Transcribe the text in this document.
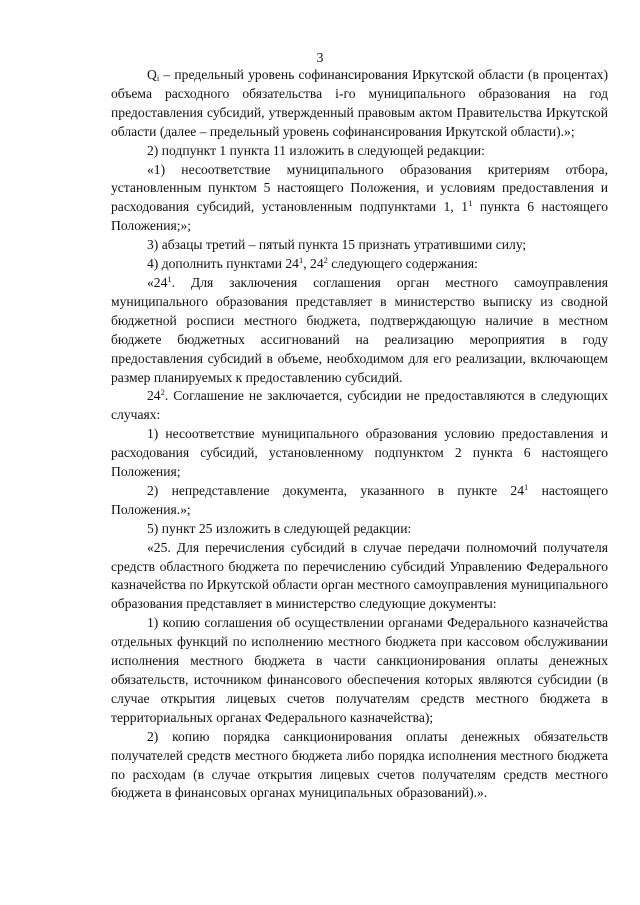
3

$Q_i$ – предельный уровень софинансирования Иркутской области (в процентах) объема расходного обязательства i-го муниципального образования на год предоставления субсидий, утвержденный правовым актом Правительства Иркутской области (далее – предельный уровень софинансирования Иркутской области).»;

2) подпункт 1 пункта 11 изложить в следующей редакции:

«1) несоответствие муниципального образования критериям отбора, установленным пунктом 5 настоящего Положения, и условиям предоставления и расходования субсидий, установленным подпунктами 1, $1^1$ пункта 6 настоящего Положения;»;

3) абзацы третий – пятый пункта 15 признать утратившими силу;

4) дополнить пунктами $24^1$, $24^2$ следующего содержания:

«$24^1$. Для заключения соглашения орган местного самоуправления муниципального образования представляет в министерство выписку из сводной бюджетной росписи местного бюджета, подтверждающую наличие в местном бюджете бюджетных ассигнований на реализацию мероприятия в году предоставления субсидий в объеме, необходимом для его реализации, включающем размер планируемых к предоставлению субсидий.

$24^2$. Соглашение не заключается, субсидии не предоставляются в следующих случаях:

1) несоответствие муниципального образования условию предоставления и расходования субсидий, установленному подпунктом 2 пункта 6 настоящего Положения;

2) непредставление документа, указанного в пункте $24^1$ настоящего Положения.»;

5) пункт 25 изложить в следующей редакции:

«25. Для перечисления субсидий в случае передачи полномочий получателя средств областного бюджета по перечислению субсидий Управлению Федерального казначейства по Иркутской области орган местного самоуправления муниципального образования представляет в министерство следующие документы:

1) копию соглашения об осуществлении органами Федерального казначейства отдельных функций по исполнению местного бюджета при кассовом обслуживании исполнения местного бюджета в части санкционирования оплаты денежных обязательств, источником финансового обеспечения которых являются субсидии (в случае открытия лицевых счетов получателям средств местного бюджета в территориальных органах Федерального казначейства);

2) копию порядка санкционирования оплаты денежных обязательств получателей средств местного бюджета либо порядка исполнения местного бюджета по расходам (в случае открытия лицевых счетов получателям средств местного бюджета в финансовых органах муниципальных образований).».
